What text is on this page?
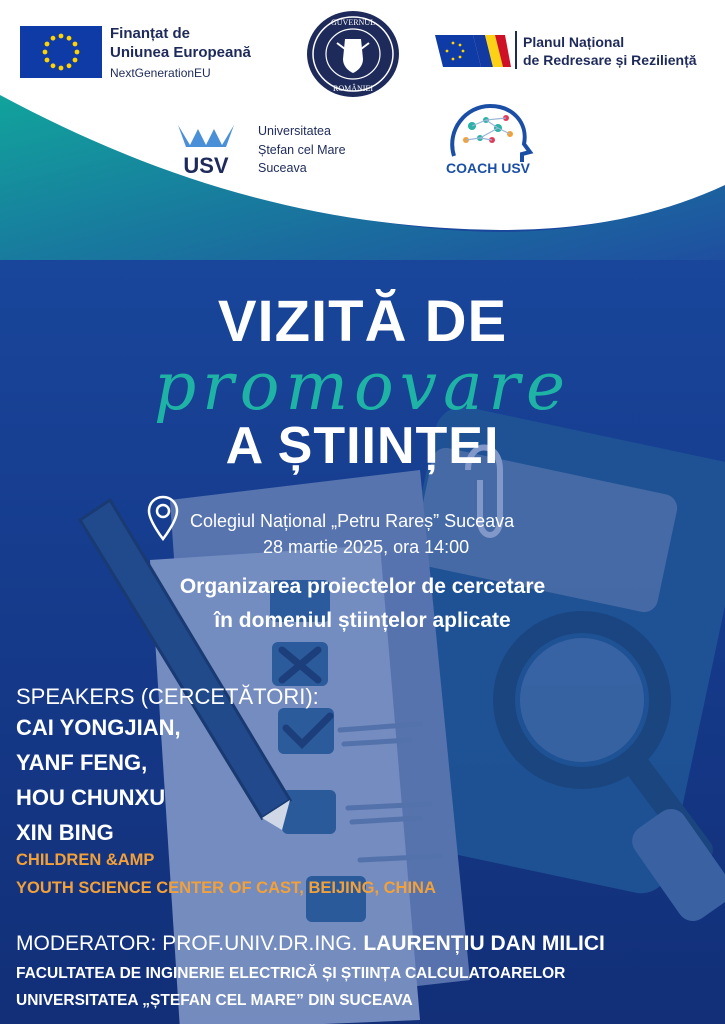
Finanțat de
Uniunea Europeană
NextGenerationEU
GUVERNUL
ROMÂNIEI
Planul Național
de Redresare și Reziliență
USV
Universitatea
Ștefan cel Mare
Suceava	COACH USV
VIZITĂ DE
promovare
A ȘTIINȚEI
Colegiul Național „Petru Rareș” Suceava
28 martie 2025, ora 14:00
Organizarea proiectelor de cercetare
în domeniul științelor aplicate
SPEAKERS (CERCETĂTORI):
CAI YONGJIAN,
YANF FENG,
HOU CHUNXU
XIN BING
CHILDREN &AMP
YOUTH SCIENCE CENTER OF CAST, BEIJING, CHINA
MODERATOR: PROF.UNIV.DR.ING. LAURENȚIU DAN MILICI
FACULTATEA DE INGINERIE ELECTRICĂ ȘI ȘTIINȚA CALCULATOARELOR
UNIVERSITATEA „ȘTEFAN CEL MARE” DIN SUCEAVA
